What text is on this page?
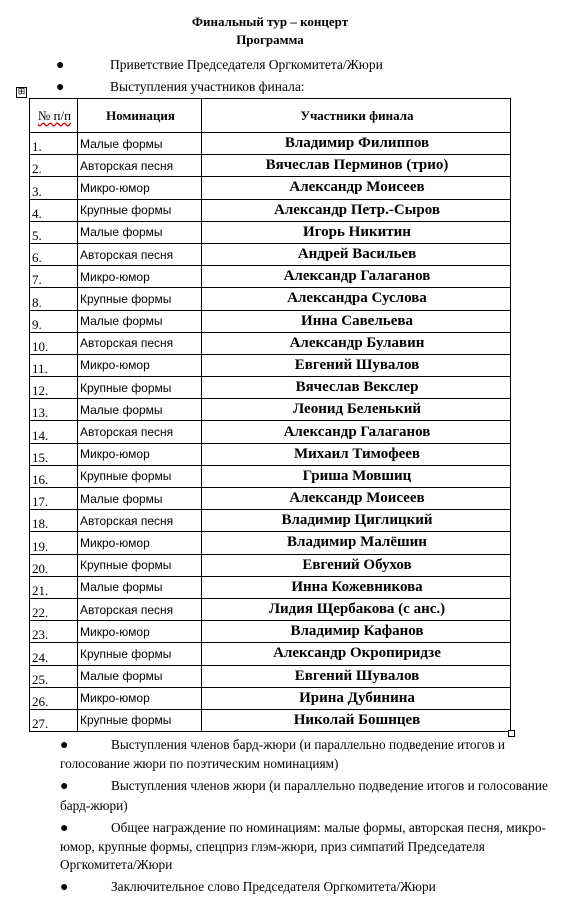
Финальный тур – концерт
Программа
●	Приветствие Председателя Оргкомитета/Жюри
●	Выступления участников финала:
⊞
№ п/п	Номинация	Участники финала
1.	Малые формы	Владимир Филиппов
2.	Авторская песня	Вячеслав Перминов (трио)
3.	Микро-юмор	Александр Моисеев
4.	Крупные формы	Александр Петр.-Сыров
5.	Малые формы	Игорь Никитин
6.	Авторская песня	Андрей Васильев
7.	Микро-юмор	Александр Галаганов
8.	Крупные формы	Александра Суслова
9.	Малые формы	Инна Савельева
10.	Авторская песня	Александр Булавин
11.	Микро-юмор	Евгений Шувалов
12.	Крупные формы	Вячеслав Векслер
13.	Малые формы	Леонид Беленький
14.	Авторская песня	Александр Галаганов
15.	Микро-юмор	Михаил Тимофеев
16.	Крупные формы	Гриша Мовшиц
17.	Малые формы	Александр Моисеев
18.	Авторская песня	Владимир Циглицкий
19.	Микро-юмор	Владимир Малёшин
20.	Крупные формы	Евгений Обухов
21.	Малые формы	Инна Кожевникова
22.	Авторская песня	Лидия Щербакова (с анс.)
23.	Микро-юмор	Владимир Кафанов
24.	Крупные формы	Александр Окропиридзе
25.	Малые формы	Евгений Шувалов
26.	Микро-юмор	Ирина Дубинина
27.	Крупные формы	Николай Бошнцев
●	Выступления членов бард-жюри (и параллельно подведение итогов и голосование жюри по поэтическим номинациям)
●	Выступления членов жюри (и параллельно подведение итогов и голосование бард-жюри)
●	Общее награждение по номинациям: малые формы, авторская песня, микро-юмор, крупные формы, спецприз глэм-жюри, приз симпатий Председателя Оргкомитета/Жюри
●	Заключительное слово Председателя Оргкомитета/Жюри
